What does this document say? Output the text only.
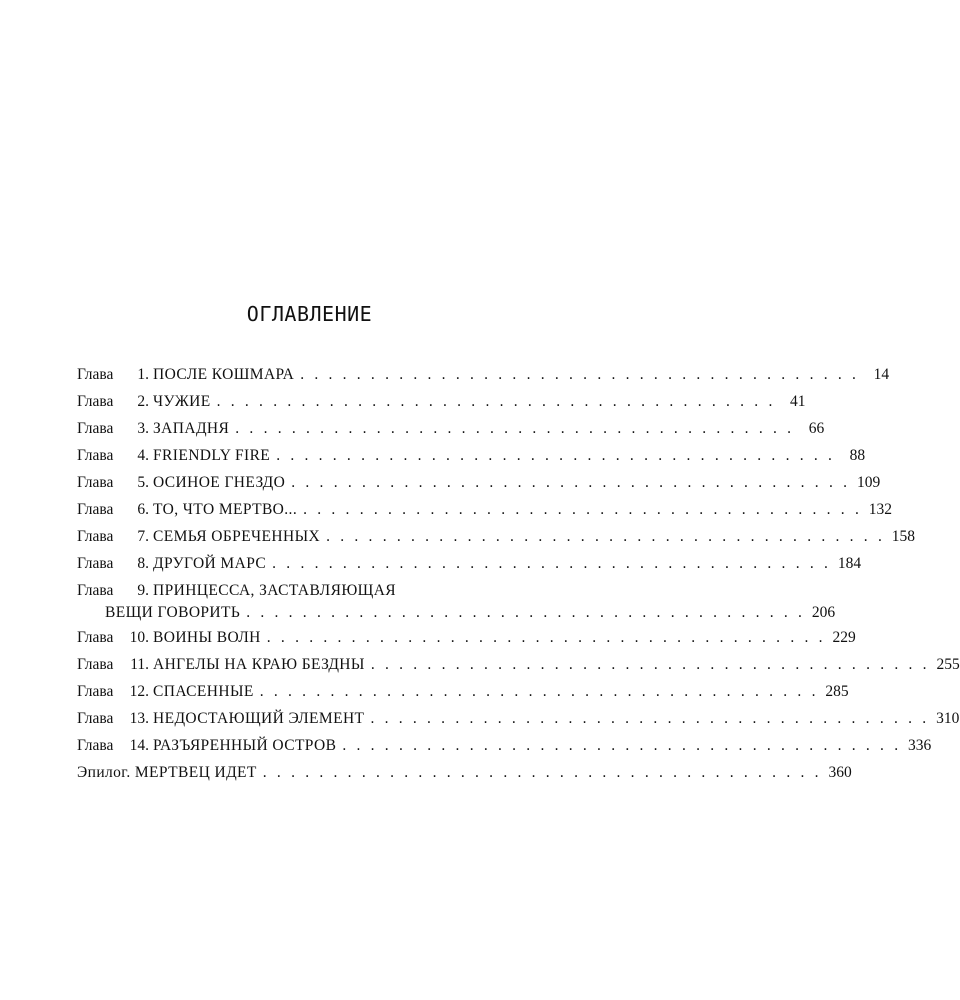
ОГЛАВЛЕНИЕ
Глава	1. ПОСЛЕ КОШМАРА . . . . . . . . . . . . . . . . . . . . . . . . . . . . . . . . . . . . . . . . 14
Глава	2. ЧУЖИЕ . . . . . . . . . . . . . . . . . . . . . . . . . . . . . . . . . . . . . . . . 41
Глава	3. ЗАПАДНЯ . . . . . . . . . . . . . . . . . . . . . . . . . . . . . . . . . . . . . . . . 66
Глава	4. FRIENDLY FIRE . . . . . . . . . . . . . . . . . . . . . . . . . . . . . . . . . . . . . . . . 88
Глава	5. ОСИНОЕ ГНЕЗДО . . . . . . . . . . . . . . . . . . . . . . . . . . . . . . . . . . . . . . . . 109
Глава	6. ТО, ЧТО МЕРТВО... . . . . . . . . . . . . . . . . . . . . . . . . . . . . . . . . . . . . . . . . 132
Глава	7. СЕМЬЯ ОБРЕЧЕННЫХ . . . . . . . . . . . . . . . . . . . . . . . . . . . . . . . . . . . . . . . . 158
Глава	8. ДРУГОЙ МАРС . . . . . . . . . . . . . . . . . . . . . . . . . . . . . . . . . . . . . . . . 184
Глава	9. ПРИНЦЕССА, ЗАСТАВЛЯЮЩАЯ
ВЕЩИ ГОВОРИТЬ . . . . . . . . . . . . . . . . . . . . . . . . . . . . . . . . . . . . . . . . 206
Глава 10. ВОИНЫ ВОЛН . . . . . . . . . . . . . . . . . . . . . . . . . . . . . . . . . . . . . . . . 229
Глава 11. АНГЕЛЫ НА КРАЮ БЕЗДНЫ . . . . . . . . . . . . . . . . . . . . . . . . . . . . . . . . . . . . . . . . 255
Глава 12. СПАСЕННЫЕ . . . . . . . . . . . . . . . . . . . . . . . . . . . . . . . . . . . . . . . . 285
Глава 13. НЕДОСТАЮЩИЙ ЭЛЕМЕНТ . . . . . . . . . . . . . . . . . . . . . . . . . . . . . . . . . . . . . . . . 310
Глава 14. РАЗЪЯРЕННЫЙ ОСТРОВ . . . . . . . . . . . . . . . . . . . . . . . . . . . . . . . . . . . . . . . . 336
Эпилог. МЕРТВЕЦ ИДЕТ . . . . . . . . . . . . . . . . . . . . . . . . . . . . . . . . . . . . . . . . 360
